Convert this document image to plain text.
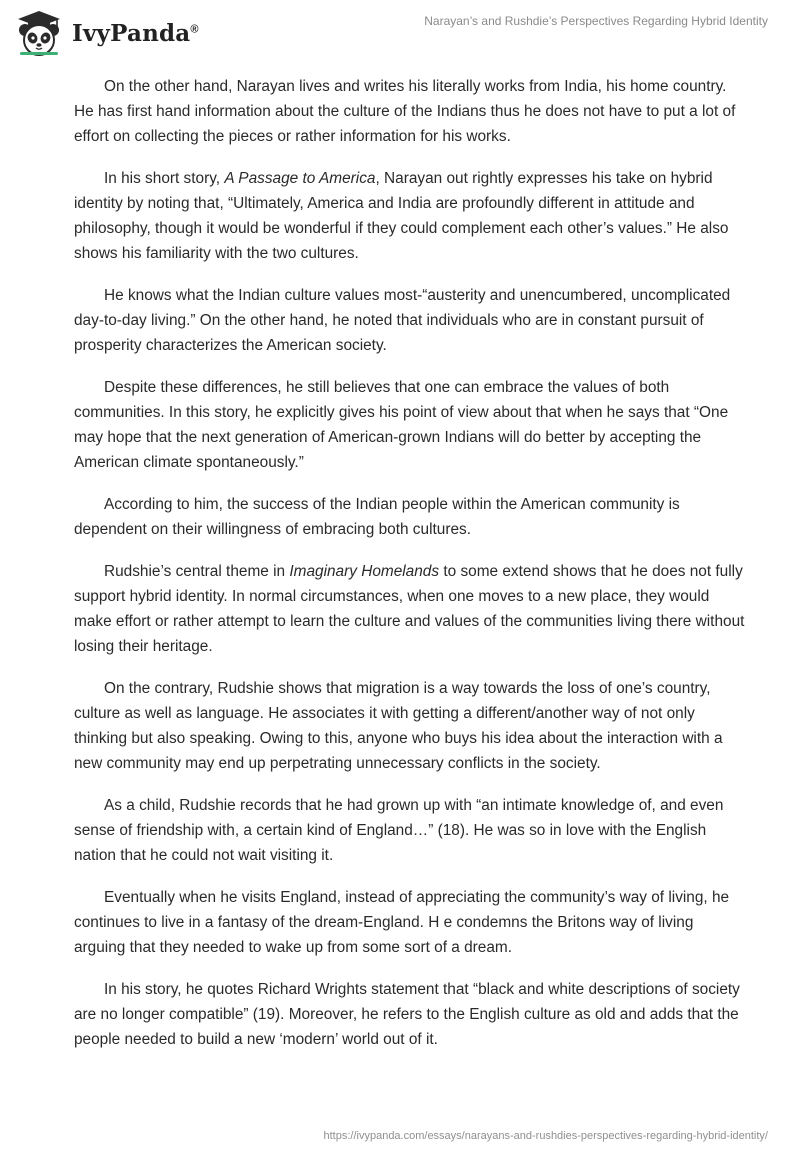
IvyPanda®
Narayan’s and Rushdie’s Perspectives Regarding Hybrid Identity

On the other hand, Narayan lives and writes his literally works from India, his home country. He has first hand information about the culture of the Indians thus he does not have to put a lot of effort on collecting the pieces or rather information for his works.

In his short story, A Passage to America, Narayan out rightly expresses his take on hybrid identity by noting that, “Ultimately, America and India are profoundly different in attitude and philosophy, though it would be wonderful if they could complement each other’s values.” He also shows his familiarity with the two cultures.

He knows what the Indian culture values most-“austerity and unencumbered, uncomplicated day-to-day living.” On the other hand, he noted that individuals who are in constant pursuit of prosperity characterizes the American society.

Despite these differences, he still believes that one can embrace the values of both communities. In this story, he explicitly gives his point of view about that when he says that “One may hope that the next generation of American-grown Indians will do better by accepting the American climate spontaneously.”

According to him, the success of the Indian people within the American community is dependent on their willingness of embracing both cultures.

Rudshie’s central theme in Imaginary Homelands to some extend shows that he does not fully support hybrid identity. In normal circumstances, when one moves to a new place, they would make effort or rather attempt to learn the culture and values of the communities living there without losing their heritage.

On the contrary, Rudshie shows that migration is a way towards the loss of one’s country, culture as well as language. He associates it with getting a different/another way of not only thinking but also speaking. Owing to this, anyone who buys his idea about the interaction with a new community may end up perpetrating unnecessary conflicts in the society.

As a child, Rudshie records that he had grown up with “an intimate knowledge of, and even sense of friendship with, a certain kind of England…” (18). He was so in love with the English nation that he could not wait visiting it.

Eventually when he visits England, instead of appreciating the community’s way of living, he continues to live in a fantasy of the dream-England. H e condemns the Britons way of living arguing that they needed to wake up from some sort of a dream.

In his story, he quotes Richard Wrights statement that “black and white descriptions of society are no longer compatible” (19). Moreover, he refers to the English culture as old and adds that the people needed to build a new ‘modern’ world out of it.

https://ivypanda.com/essays/narayans-and-rushdies-perspectives-regarding-hybrid-identity/
